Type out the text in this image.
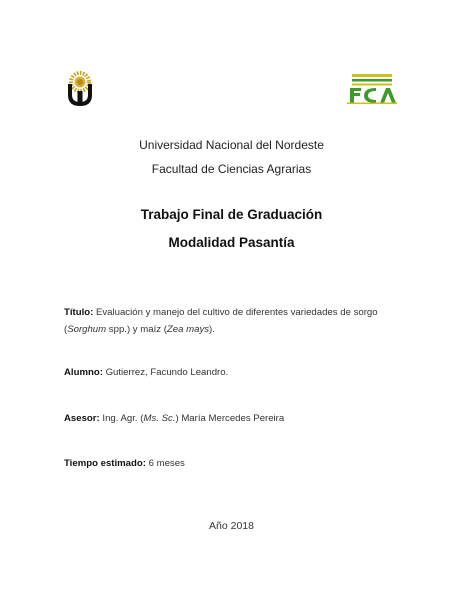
Universidad Nacional del Nordeste
Facultad de Ciencias Agrarias
Trabajo Final de Graduación
Modalidad Pasantía
Título: Evaluación y manejo del cultivo de diferentes variedades de sorgo
(Sorghum spp.) y maíz (Zea mays).
Alumno: Gutierrez, Facundo Leandro.
Asesor: Ing. Agr. (Ms. Sc.) María Mercedes Pereira
Tiempo estimado: 6 meses
Año 2018
